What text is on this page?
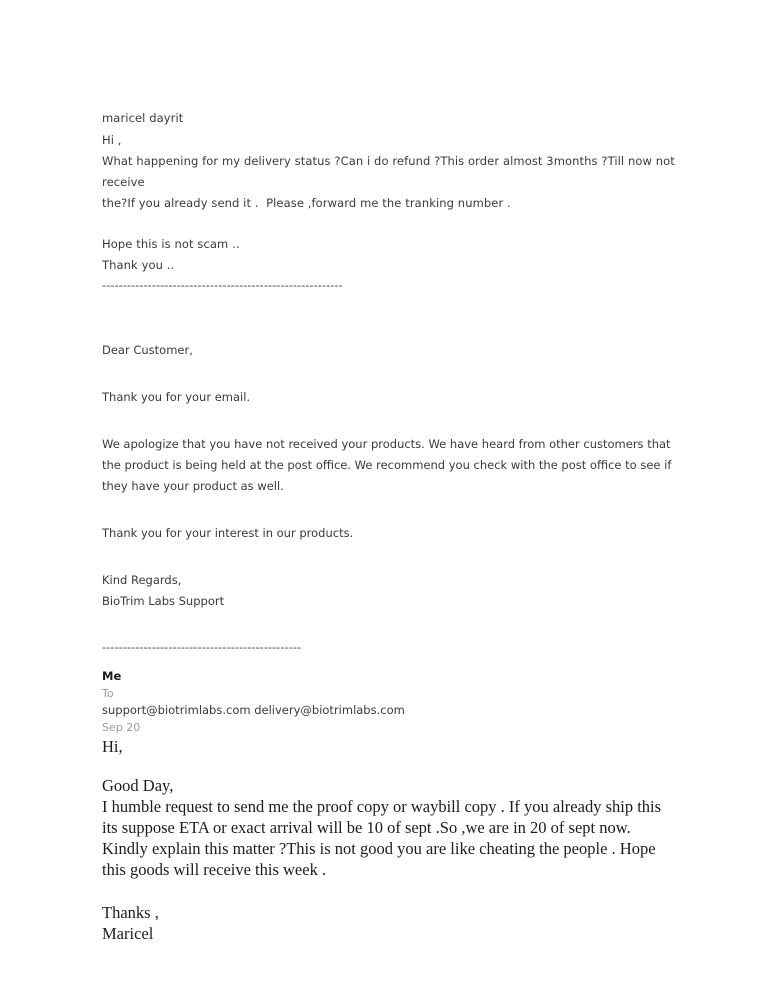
maricel dayrit
Hi ,
What happening for my delivery status ?Can i do refund ?This order almost 3months ?Till now not receive
the?If you already send it .  Please ,forward me the tranking number .
Hope this is not scam ..
Thank you ..
----------------------------------------------------------

Dear Customer,

Thank you for your email.

We apologize that you have not received your products. We have heard from other customers that the product is being held at the post office. We recommend you check with the post office to see if they have your product as well.

Thank you for your interest in our products.

Kind Regards,

BioTrim Labs Support

------------------------------------------------
Me
To
support@biotrimlabs.com delivery@biotrimlabs.com
Sep 20

Hi,

Good Day,

I humble request to send me the proof copy or waybill copy . If you already ship this its suppose ETA or exact arrival will be 10 of sept .So ,we are in 20 of sept now. Kindly explain this matter ?This is not good you are like cheating the people . Hope this goods will receive this week .

Thanks ,

Maricel
